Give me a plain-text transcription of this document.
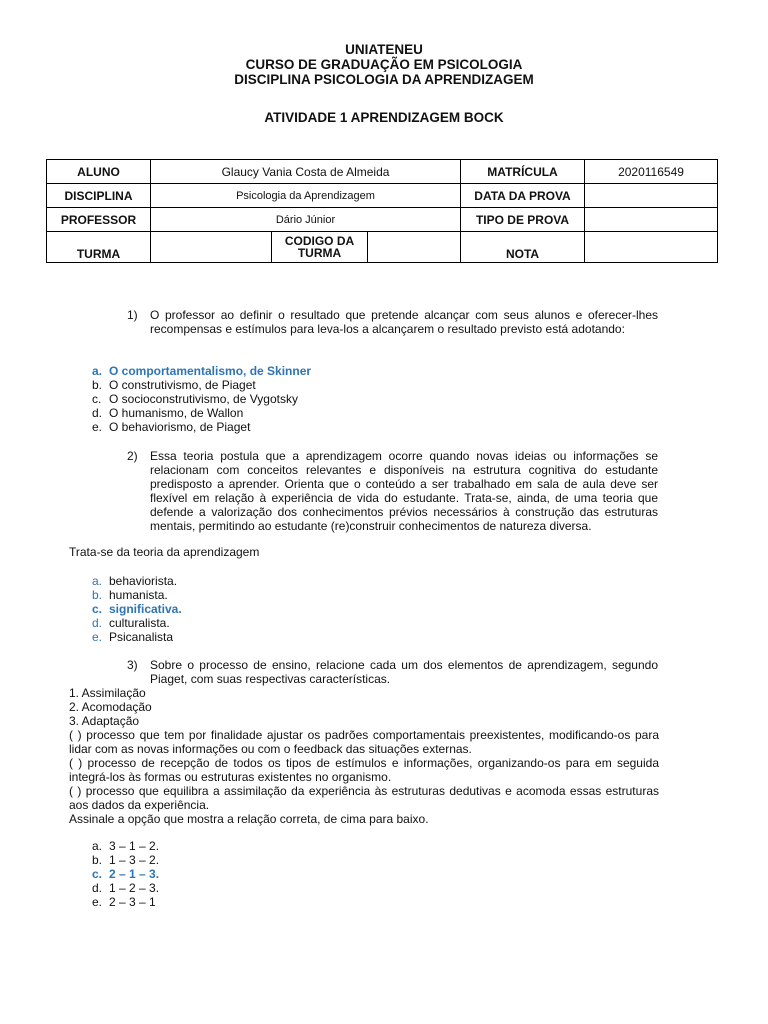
UNIATENEU
CURSO DE GRADUAÇÃO EM PSICOLOGIA
DISCIPLINA PSICOLOGIA DA APRENDIZAGEM
ATIVIDADE 1 APRENDIZAGEM BOCK
ALUNO	Glaucy Vania Costa de Almeida			MATRÍCULA	2020116549
DISCIPLINA	Psicologia da Aprendizagem			DATA DA PROVA	
PROFESSOR	Dário Júnior			TIPO DE PROVA	
TURMA		CODIGO DA TURMA		NOTA	
1)	O professor ao definir o resultado que pretende alcançar com seus alunos e oferecer-lhes recompensas e estímulos para leva-los a alcançarem o resultado previsto está adotando:
a. O comportamentalismo, de Skinner
b. O construtivismo, de Piaget
c. O socioconstrutivismo, de Vygotsky
d. O humanismo, de Wallon
e. O behaviorismo, de Piaget
2)	Essa teoria postula que a aprendizagem ocorre quando novas ideias ou informações se relacionam com conceitos relevantes e disponíveis na estrutura cognitiva do estudante predisposto a aprender. Orienta que o conteúdo a ser trabalhado em sala de aula deve ser flexível em relação à experiência de vida do estudante. Trata-se, ainda, de uma teoria que defende a valorização dos conhecimentos prévios necessários à construção das estruturas mentais, permitindo ao estudante (re)construir conhecimentos de natureza diversa.
Trata-se da teoria da aprendizagem
a. behaviorista.
b. humanista.
c. significativa.
d. culturalista.
e. Psicanalista
3)	Sobre o processo de ensino, relacione cada um dos elementos de aprendizagem, segundo Piaget, com suas respectivas características.
1. Assimilação
2. Acomodação
3. Adaptação
( ) processo que tem por finalidade ajustar os padrões comportamentais preexistentes, modificando-os para lidar com as novas informações ou com o feedback das situações externas.
( ) processo de recepção de todos os tipos de estímulos e informações, organizando-os para em seguida integrá-los às formas ou estruturas existentes no organismo.
( ) processo que equilibra a assimilação da experiência às estruturas dedutivas e acomoda essas estruturas aos dados da experiência.
Assinale a opção que mostra a relação correta, de cima para baixo.
a. 3 – 1 – 2.
b. 1 – 3 – 2.
c. 2 – 1 – 3.
d. 1 – 2 – 3.
e. 2 – 3 – 1
